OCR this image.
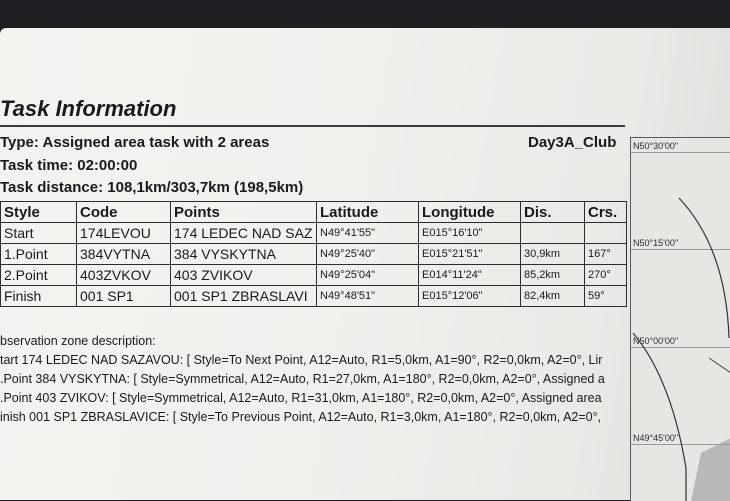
Task Information
Type: Assigned area task with 2 areas	Day3A_Club
Task time: 02:00:00
Task distance: 108,1km/303,7km (198,5km)
Style	Code	Points	Latitude	Longitude	Dis.	Crs.
Start	174LEVOU	174 LEDEC NAD SAZ	N49°41'55"	E015°16'10"		
1.Point	384VYTNA	384 VYSKYTNA	N49°25'40"	E015°21'51"	30,9km	167°
2.Point	403ZVKOV	403 ZVIKOV	N49°25'04"	E014°11'24"	85,2km	270°
Finish	001 SP1	001 SP1 ZBRASLAVI	N49°48'51"	E015°12'06"	82,4km	59°
bservation zone description:
tart 174 LEDEC NAD SAZAVOU: [ Style=To Next Point, A12=Auto, R1=5,0km, A1=90°, R2=0,0km, A2=0°, Lir
.Point 384 VYSKYTNA: [ Style=Symmetrical, A12=Auto, R1=27,0km, A1=180°, R2=0,0km, A2=0°, Assigned a
.Point 403 ZVIKOV: [ Style=Symmetrical, A12=Auto, R1=31,0km, A1=180°, R2=0,0km, A2=0°, Assigned area
inish 001 SP1 ZBRASLAVICE: [ Style=To Previous Point, A12=Auto, R1=3,0km, A1=180°, R2=0,0km, A2=0°,
N50°30'00"
N50°15'00"
N50°00'00"
N49°45'00"
